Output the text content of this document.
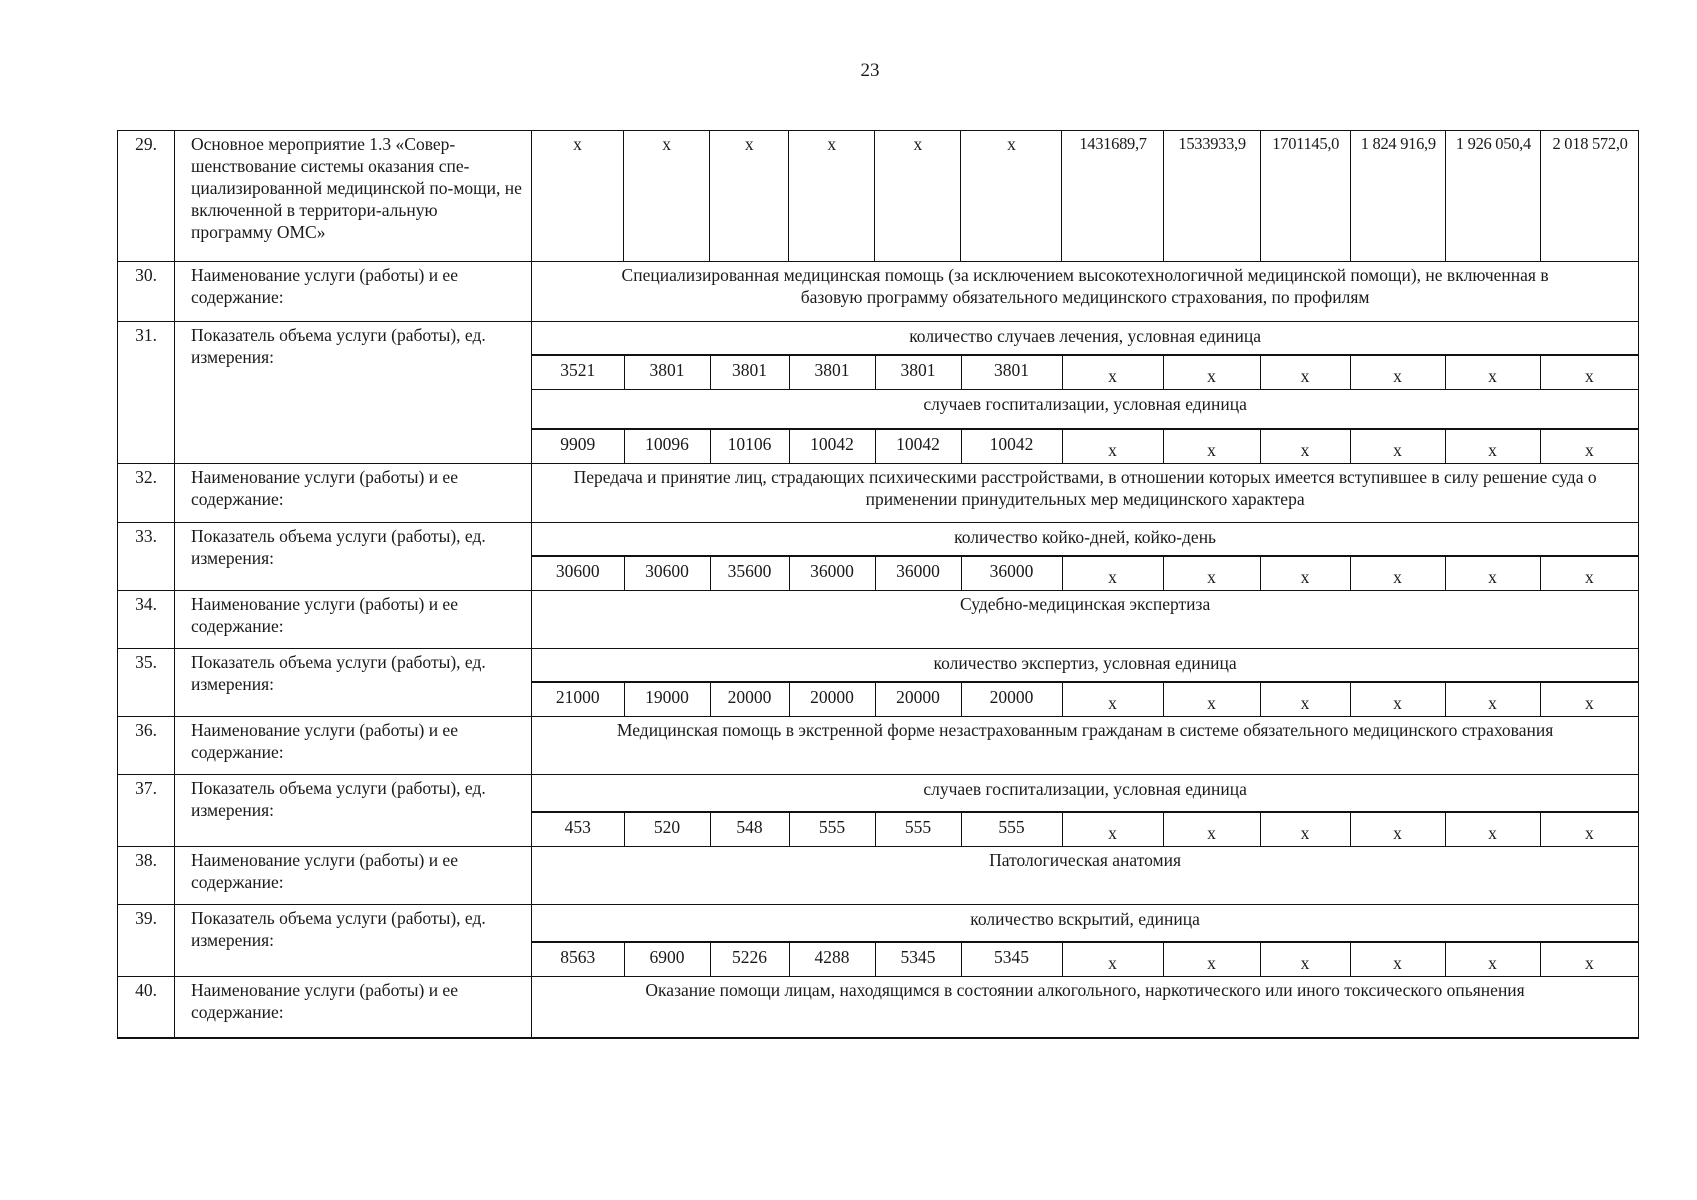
23
29.	Основное мероприятие 1.3 «Совер-шенствование системы оказания спе-циализированной медицинской по-мощи, не включенной в территори-альную программу ОМС»	x	x	x	x	x	x	1431689,7	1533933,9	1701145,0	1 824 916,9	1 926 050,4	2 018 572,0
30.	Наименование услуги (работы) и ее содержание:	Специализированная медицинская помощь (за исключением высокотехнологичной медицинской помощи), не включенная в базовую программу обязательного медицинского страхования, по профилям
31.	Показатель объема услуги (работы), ед. измерения:	
количество случаев лечения, условная единица
3521	3801	3801	3801	3801	3801	x	x	x	x	x	x
случаев госпитализации, условная единица
9909	10096	10106	10042	10042	10042	x	x	x	x	x	x

32.	Наименование услуги (работы) и ее содержание:	Передача и принятие лиц, страдающих психическими расстройствами, в отношении которых имеется вступившее в силу решение суда о применении принудительных мер медицинского характера
33.	Показатель объема услуги (работы), ед. измерения:	
количество койко-дней, койко-день
30600	30600	35600	36000	36000	36000	x	x	x	x	x	x

34.	Наименование услуги (работы) и ее содержание:	Судебно-медицинская экспертиза
35.	Показатель объема услуги (работы), ед. измерения:	
количество экспертиз, условная единица
21000	19000	20000	20000	20000	20000	x	x	x	x	x	x

36.	Наименование услуги (работы) и ее содержание:	Медицинская помощь в экстренной форме незастрахованным гражданам в системе обязательного медицинского страхования
37.	Показатель объема услуги (работы), ед. измерения:	
случаев госпитализации, условная единица
453	520	548	555	555	555	x	x	x	x	x	x

38.	Наименование услуги (работы) и ее содержание:	Патологическая анатомия
39.	Показатель объема услуги (работы), ед. измерения:	
количество вскрытий, единица
8563	6900	5226	4288	5345	5345	x	x	x	x	x	x

40.	Наименование услуги (работы) и ее содержание:	Оказание помощи лицам, находящимся в состоянии алкогольного, наркотического или иного токсического опьянения
